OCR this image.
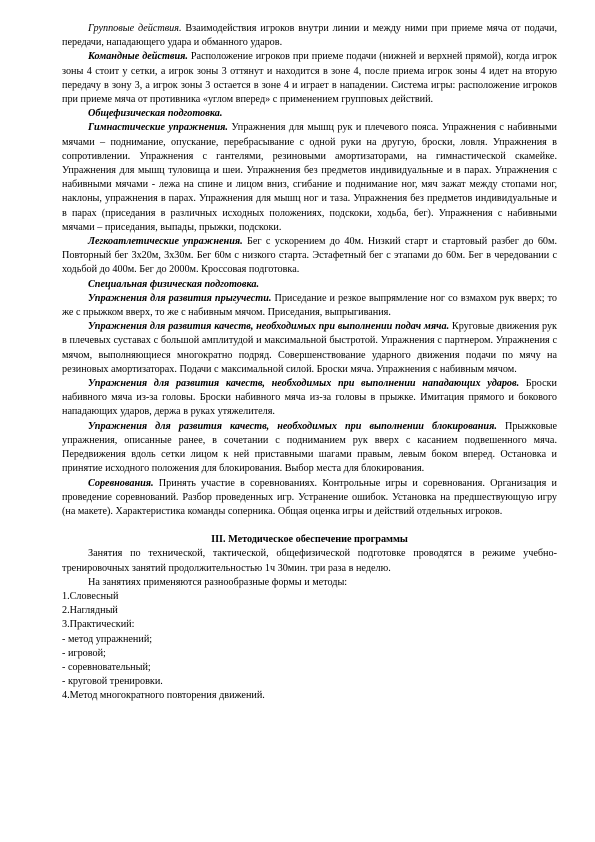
Групповые действия. Взаимодействия игроков внутри линии и между ними при приеме мяча от подачи, передачи, нападающего удара и обманного ударов.

Командные действия. Расположение игроков при приеме подачи (нижней и верхней прямой), когда игрок зоны 4 стоит у сетки, а игрок зоны 3 оттянут и находится в зоне 4, после приема игрок зоны 4 идет на вторую передачу в зону 3, а игрок зоны 3 остается в зоне 4 и играет в нападении. Система игры: расположение игроков при приеме мяча от противника «углом вперед» с применением групповых действий.

Общефизическая подготовка.

Гимнастические упражнения. Упражнения для мышц рук и плечевого пояса. Упражнения с набивными мячами – поднимание, опускание, перебрасывание с одной руки на другую, броски, ловля. Упражнения в сопротивлении. Упражнения с гантелями, резиновыми амортизаторами, на гимнастической скамейке. Упражнения для мышц туловища и шеи. Упражнения без предметов индивидуальные и в парах. Упражнения с набивными мячами - лежа на спине и лицом вниз, сгибание и поднимание ног, мяч зажат между стопами ног, наклоны, упражнения в парах. Упражнения для мышц ног и таза. Упражнения без предметов индивидуальные и в парах (приседания в различных исходных положениях, подскоки, ходьба, бег). Упражнения с набивными мячами – приседания, выпады, прыжки, подскоки.

Легкоатлетические упражнения. Бег с ускорением до 40м. Низкий старт и стартовый разбег до 60м. Повторный бег 3х20м, 3х30м. Бег 60м с низкого старта. Эстафетный бег с этапами до 60м. Бег в чередовании с ходьбой до 400м. Бег до 2000м. Кроссовая подготовка.

Специальная физическая подготовка.

Упражнения для развития прыгучести. Приседание и резкое выпрямление ног со взмахом рук вверх; то же с прыжком вверх, то же с набивным мячом. Приседания, выпрыгивания.

Упражнения для развития качеств, необходимых при выполнении подач мяча. Круговые движения рук в плечевых суставах с большой амплитудой и максимальной быстротой. Упражнения с партнером. Упражнения с мячом, выполняющиеся многократно подряд. Совершенствование ударного движения подачи по мячу на резиновых амортизаторах. Подачи с максимальной силой. Броски мяча. Упражнения с набивным мячом.

Упражнения для развития качеств, необходимых при выполнении нападающих ударов. Броски набивного мяча из-за головы. Броски набивного мяча из-за головы в прыжке. Имитация прямого и бокового нападающих ударов, держа в руках утяжелителя.

Упражнения для развития качеств, необходимых при выполнении блокирования. Прыжковые упражнения, описанные ранее, в сочетании с подниманием рук вверх с касанием подвешенного мяча. Передвижения вдоль сетки лицом к ней приставными шагами правым, левым боком вперед. Остановка и принятие исходного положения для блокирования. Выбор места для блокирования.

Соревнования. Принять участие в соревнованиях. Контрольные игры и соревнования. Организация и проведение соревнований. Разбор проведенных игр. Устранение ошибок. Установка на предшествующую игру (на макете). Характеристика команды соперника. Общая оценка игры и действий отдельных игроков.

III. Методическое обеспечение программы

Занятия по технической, тактической, общефизической подготовке проводятся в режиме учебно-тренировочных занятий продолжительностью 1ч 30мин. три раза в неделю.

На занятиях применяются разнообразные формы и методы:

1.Словесный

2.Наглядный

3.Практический:

- метод упражнений;

- игровой;

- соревновательный;

- круговой тренировки.

4.Метод многократного повторения движений.
